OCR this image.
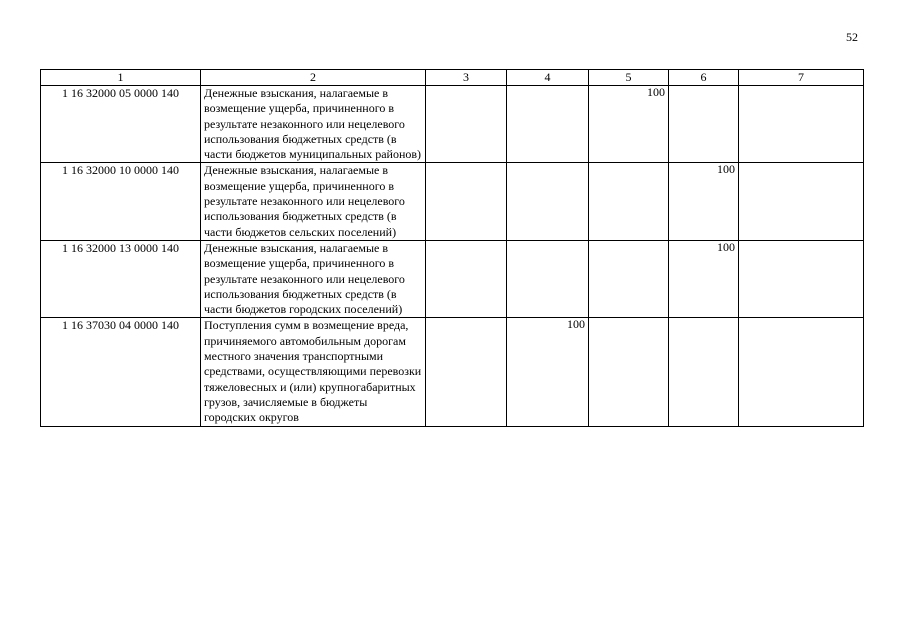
52
1	2	3	4	5	6	7
1 16 32000 05 0000 140	Денежные взыскания, налагаемые в возмещение ущерба, причиненного в результате незаконного или нецелевого использования бюджетных средств (в части бюджетов муниципальных районов)			100		
1 16 32000 10 0000 140	Денежные взыскания, налагаемые в возмещение ущерба, причиненного в результате незаконного или нецелевого использования бюджетных средств (в части бюджетов сельских поселений)				100	
1 16 32000 13 0000 140	Денежные взыскания, налагаемые в возмещение ущерба, причиненного в результате незаконного или нецелевого использования бюджетных средств (в части бюджетов городских поселений)				100	
1 16 37030 04 0000 140	Поступления сумм в возмещение вреда, причиняемого автомобильным дорогам местного значения транспортными средствами, осуществляющими перевозки тяжеловесных и (или) крупногабаритных грузов, зачисляемые в бюджеты городских округов		100			
